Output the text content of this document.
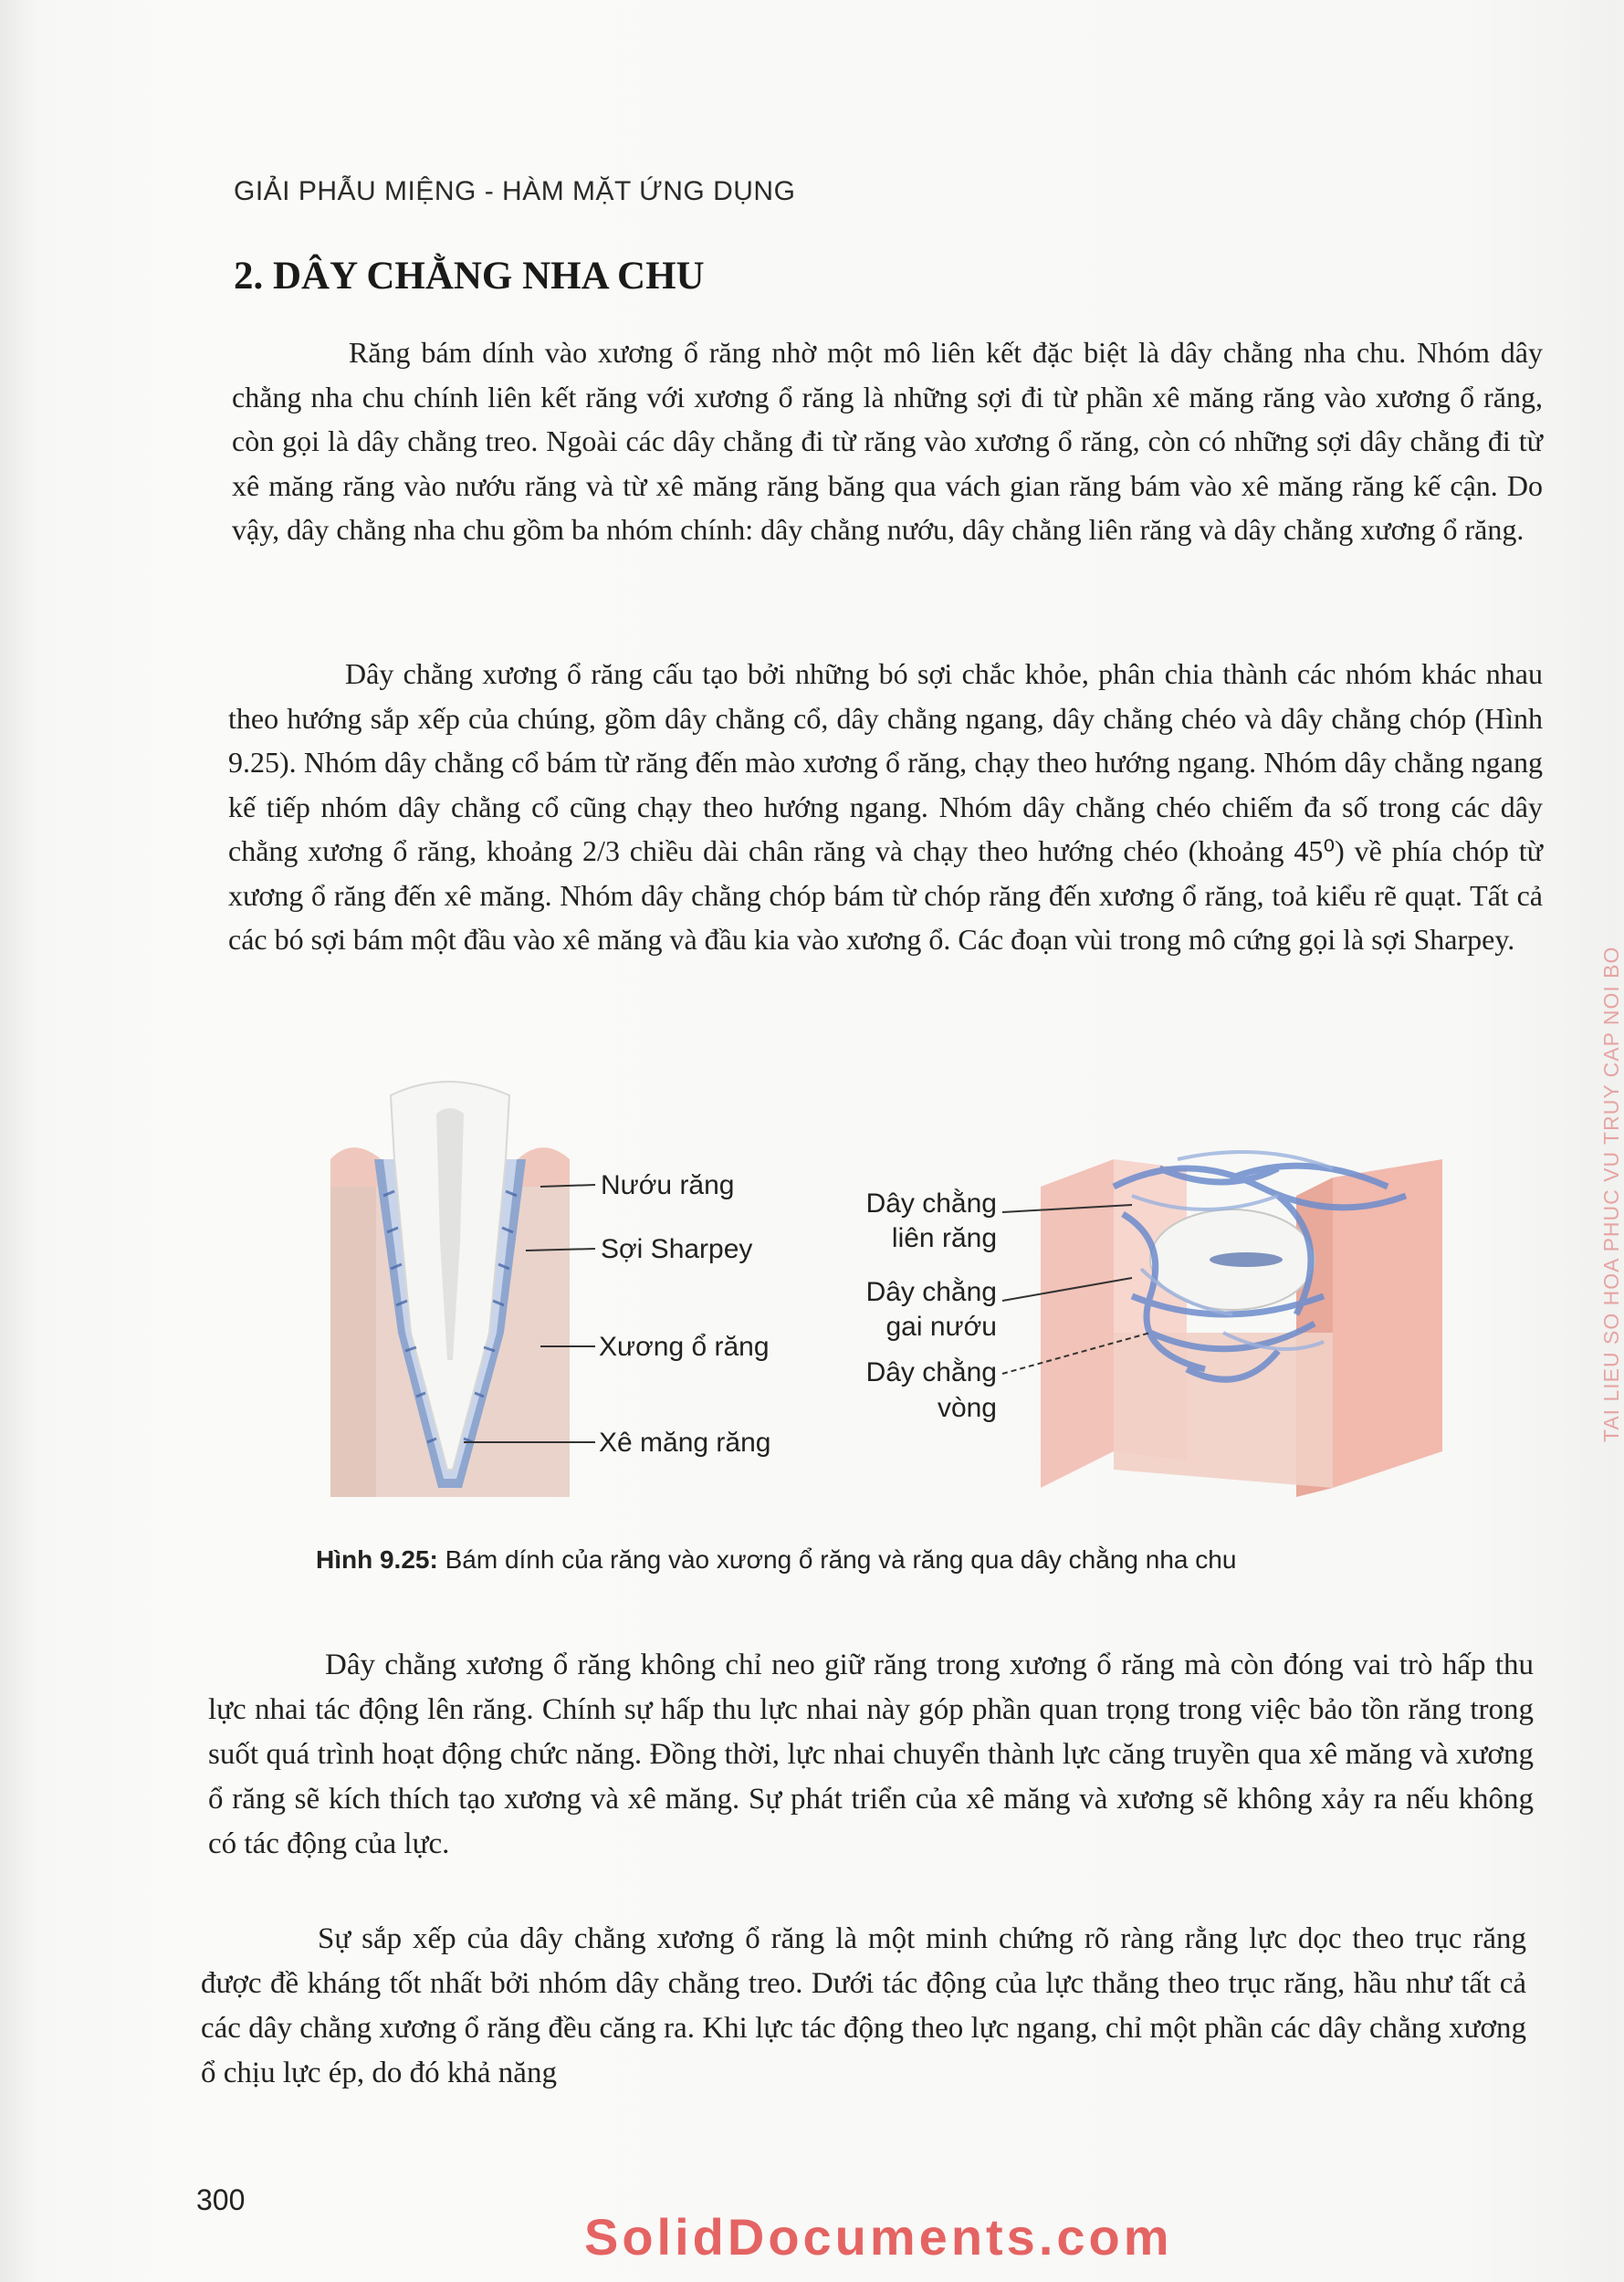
GIẢI PHẪU MIỆNG - HÀM MẶT ỨNG DỤNG
2. DÂY CHẰNG NHA CHU

Răng bám dính vào xương ổ răng nhờ một mô liên kết đặc biệt là dây chằng nha chu. Nhóm dây chằng nha chu chính liên kết răng với xương ổ răng là những sợi đi từ phần xê măng răng vào xương ổ răng, còn gọi là dây chằng treo. Ngoài các dây chằng đi từ răng vào xương ổ răng, còn có những sợi dây chằng đi từ xê măng răng vào nướu răng và từ xê măng răng băng qua vách gian răng bám vào xê măng răng kế cận. Do vậy, dây chằng nha chu gồm ba nhóm chính: dây chằng nướu, dây chằng liên răng và dây chằng xương ổ răng.

Dây chằng xương ổ răng cấu tạo bởi những bó sợi chắc khỏe, phân chia thành các nhóm khác nhau theo hướng sắp xếp của chúng, gồm dây chằng cổ, dây chằng ngang, dây chằng chéo và dây chằng chóp (Hình 9.25). Nhóm dây chằng cổ bám từ răng đến mào xương ổ răng, chạy theo hướng ngang. Nhóm dây chằng ngang kế tiếp nhóm dây chằng cổ cũng chạy theo hướng ngang. Nhóm dây chằng chéo chiếm đa số trong các dây chằng xương ổ răng, khoảng 2/3 chiều dài chân răng và chạy theo hướng chéo (khoảng 45⁰) về phía chóp từ xương ổ răng đến xê măng. Nhóm dây chằng chóp bám từ chóp răng đến xương ổ răng, toả kiểu rẽ quạt. Tất cả các bó sợi bám một đầu vào xê măng và đầu kia vào xương ổ. Các đoạn vùi trong mô cứng gọi là sợi Sharpey.

Nướu răng
Sợi Sharpey
Xương ổ răng
Xê măng răng
Dây chằng
liên răng
Dây chằng
gai nướu
Dây chằng
vòng
Hình 9.25: Bám dính của răng vào xương ổ răng và răng qua dây chằng nha chu

Dây chằng xương ổ răng không chỉ neo giữ răng trong xương ổ răng mà còn đóng vai trò hấp thu lực nhai tác động lên răng. Chính sự hấp thu lực nhai này góp phần quan trọng trong việc bảo tồn răng trong suốt quá trình hoạt động chức năng. Đồng thời, lực nhai chuyển thành lực căng truyền qua xê măng và xương ổ răng sẽ kích thích tạo xương và xê măng. Sự phát triển của xê măng và xương sẽ không xảy ra nếu không có tác động của lực.

Sự sắp xếp của dây chằng xương ổ răng là một minh chứng rõ ràng rằng lực dọc theo trục răng được đề kháng tốt nhất bởi nhóm dây chằng treo. Dưới tác động của lực thẳng theo trục răng, hầu như tất cả các dây chằng xương ổ răng đều căng ra. Khi lực tác động theo lực ngang, chỉ một phần các dây chằng xương ổ chịu lực ép, do đó khả năng

300
TAI LIEU SO HOA PHUC VU TRUY CAP NOI BO
SolidDocuments.com
